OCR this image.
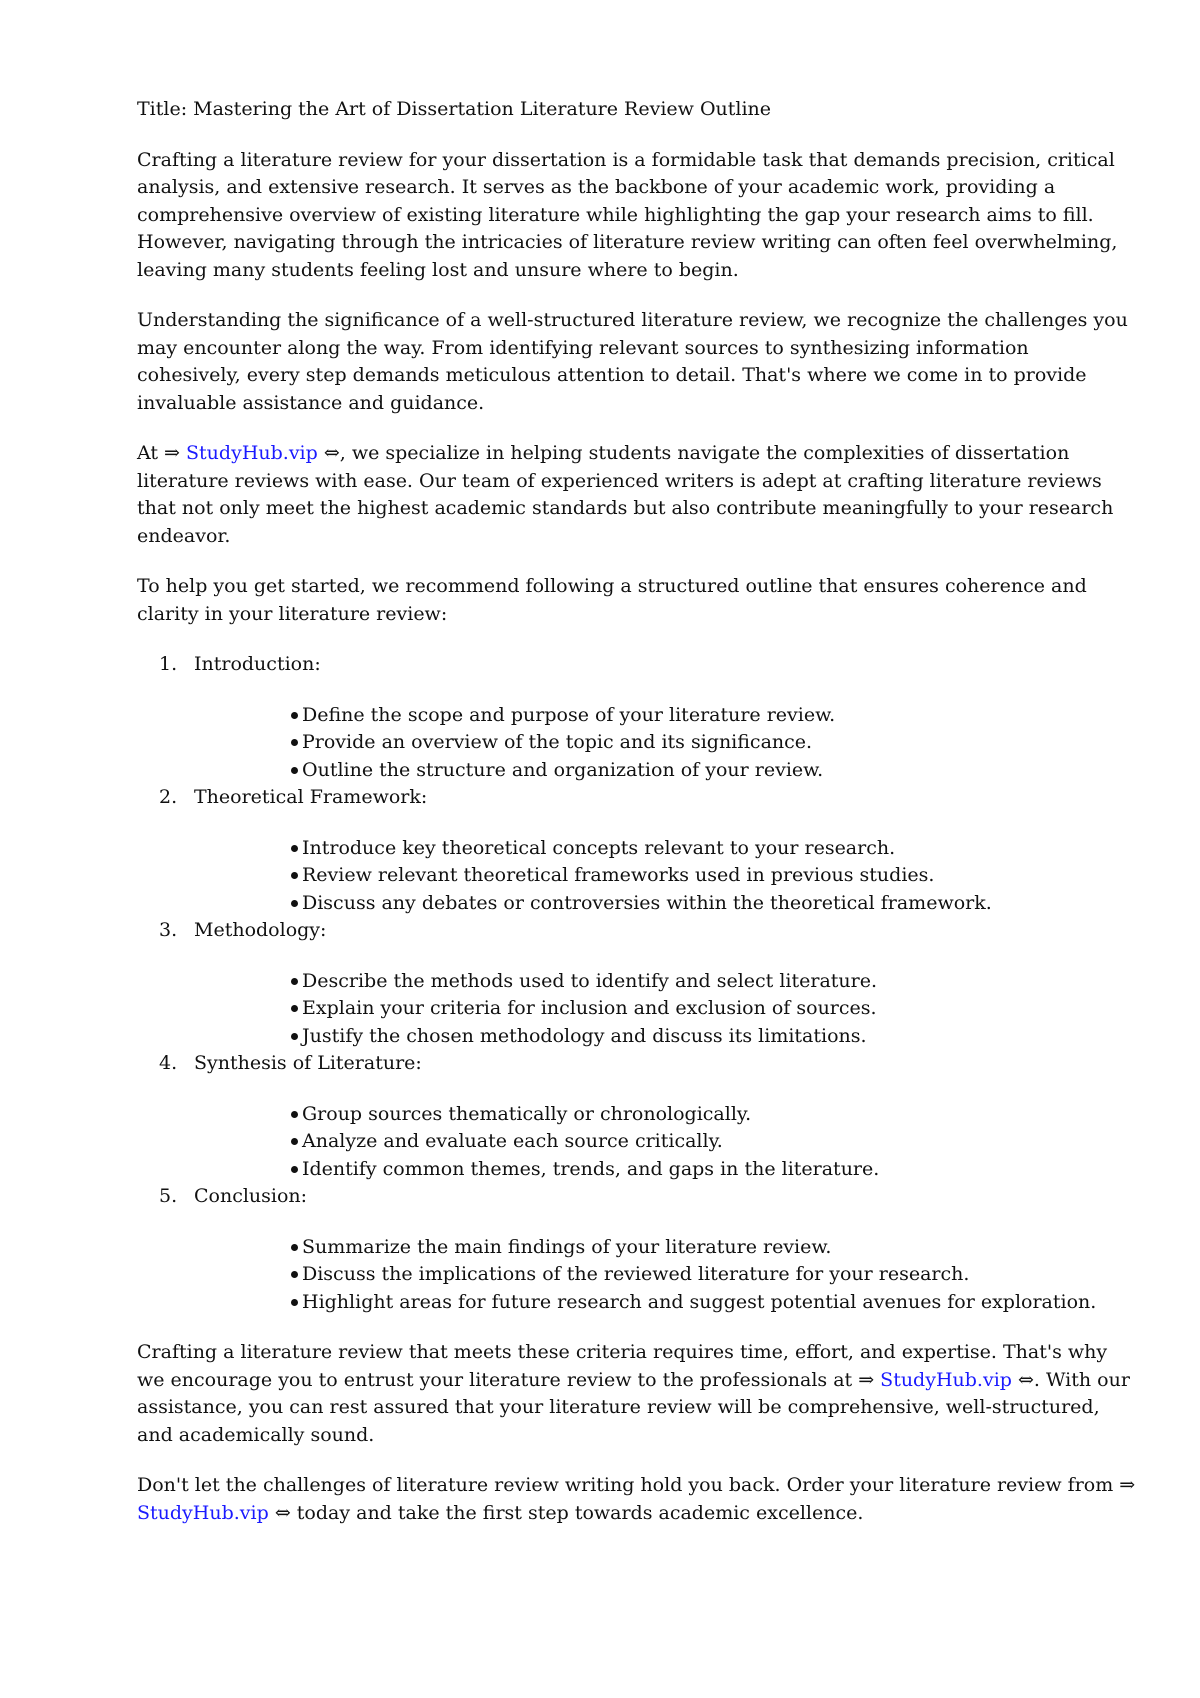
Title: Mastering the Art of Dissertation Literature Review Outline

Crafting a literature review for your dissertation is a formidable task that demands precision, critical analysis, and extensive research. It serves as the backbone of your academic work, providing a comprehensive overview of existing literature while highlighting the gap your research aims to fill. However, navigating through the intricacies of literature review writing can often feel overwhelming, leaving many students feeling lost and unsure where to begin.

Understanding the significance of a well-structured literature review, we recognize the challenges you may encounter along the way. From identifying relevant sources to synthesizing information cohesively, every step demands meticulous attention to detail. That's where we come in to provide invaluable assistance and guidance.

At ⇒ StudyHub.vip ⇔, we specialize in helping students navigate the complexities of dissertation literature reviews with ease. Our team of experienced writers is adept at crafting literature reviews that not only meet the highest academic standards but also contribute meaningfully to your research endeavor.

To help you get started, we recommend following a structured outline that ensures coherence and clarity in your literature review:

1. Introduction:
Define the scope and purpose of your literature review.
Provide an overview of the topic and its significance.
Outline the structure and organization of your review.
2. Theoretical Framework:
Introduce key theoretical concepts relevant to your research.
Review relevant theoretical frameworks used in previous studies.
Discuss any debates or controversies within the theoretical framework.
3. Methodology:
Describe the methods used to identify and select literature.
Explain your criteria for inclusion and exclusion of sources.
Justify the chosen methodology and discuss its limitations.
4. Synthesis of Literature:
Group sources thematically or chronologically.
Analyze and evaluate each source critically.
Identify common themes, trends, and gaps in the literature.
5. Conclusion:
Summarize the main findings of your literature review.
Discuss the implications of the reviewed literature for your research.
Highlight areas for future research and suggest potential avenues for exploration.

Crafting a literature review that meets these criteria requires time, effort, and expertise. That's why we encourage you to entrust your literature review to the professionals at ⇒ StudyHub.vip ⇔. With our assistance, you can rest assured that your literature review will be comprehensive, well-structured, and academically sound.

Don't let the challenges of literature review writing hold you back. Order your literature review from ⇒ StudyHub.vip ⇔ today and take the first step towards academic excellence.
